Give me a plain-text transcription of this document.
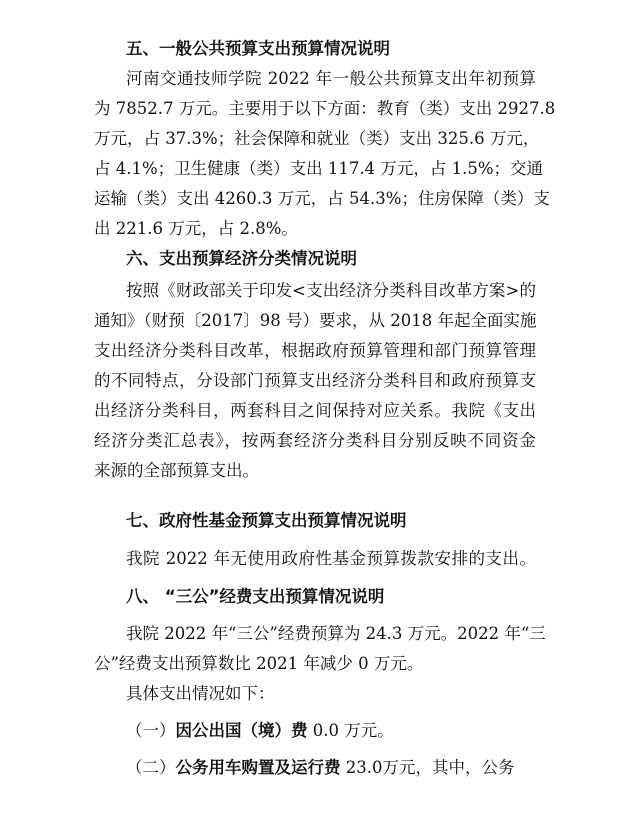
五、一般公共预算支出预算情况说明
河南交通技师学院 2022 年一般公共预算支出年初预算
为 7852.7 万元。主要用于以下方面：教育（类）支出 2927.8
万元，占 37.3%；社会保障和就业（类）支出 325.6 万元，
占 4.1%；卫生健康（类）支出 117.4 万元，占 1.5%；交通
运输（类）支出 4260.3 万元，占 54.3%；住房保障（类）支
出 221.6 万元，占 2.8%。
六、支出预算经济分类情况说明
按照《财政部关于印发<支出经济分类科目改革方案>的
通知》（财预〔2017〕98 号）要求，从 2018 年起全面实施
支出经济分类科目改革，根据政府预算管理和部门预算管理
的不同特点，分设部门预算支出经济分类科目和政府预算支
出经济分类科目，两套科目之间保持对应关系。我院《支出
经济分类汇总表》，按两套经济分类科目分别反映不同资金
来源的全部预算支出。
七、政府性基金预算支出预算情况说明
我院 2022 年无使用政府性基金预算拨款安排的支出。
八、 “三公”经费支出预算情况说明
我院 2022 年“三公”经费预算为 24.3 万元。2022 年“三
公”经费支出预算数比 2021 年减少 0 万元。
具体支出情况如下：
（一）因公出国（境）费 0.0 万元。
（二）公务用车购置及运行费 23.0万元，其中，公务
